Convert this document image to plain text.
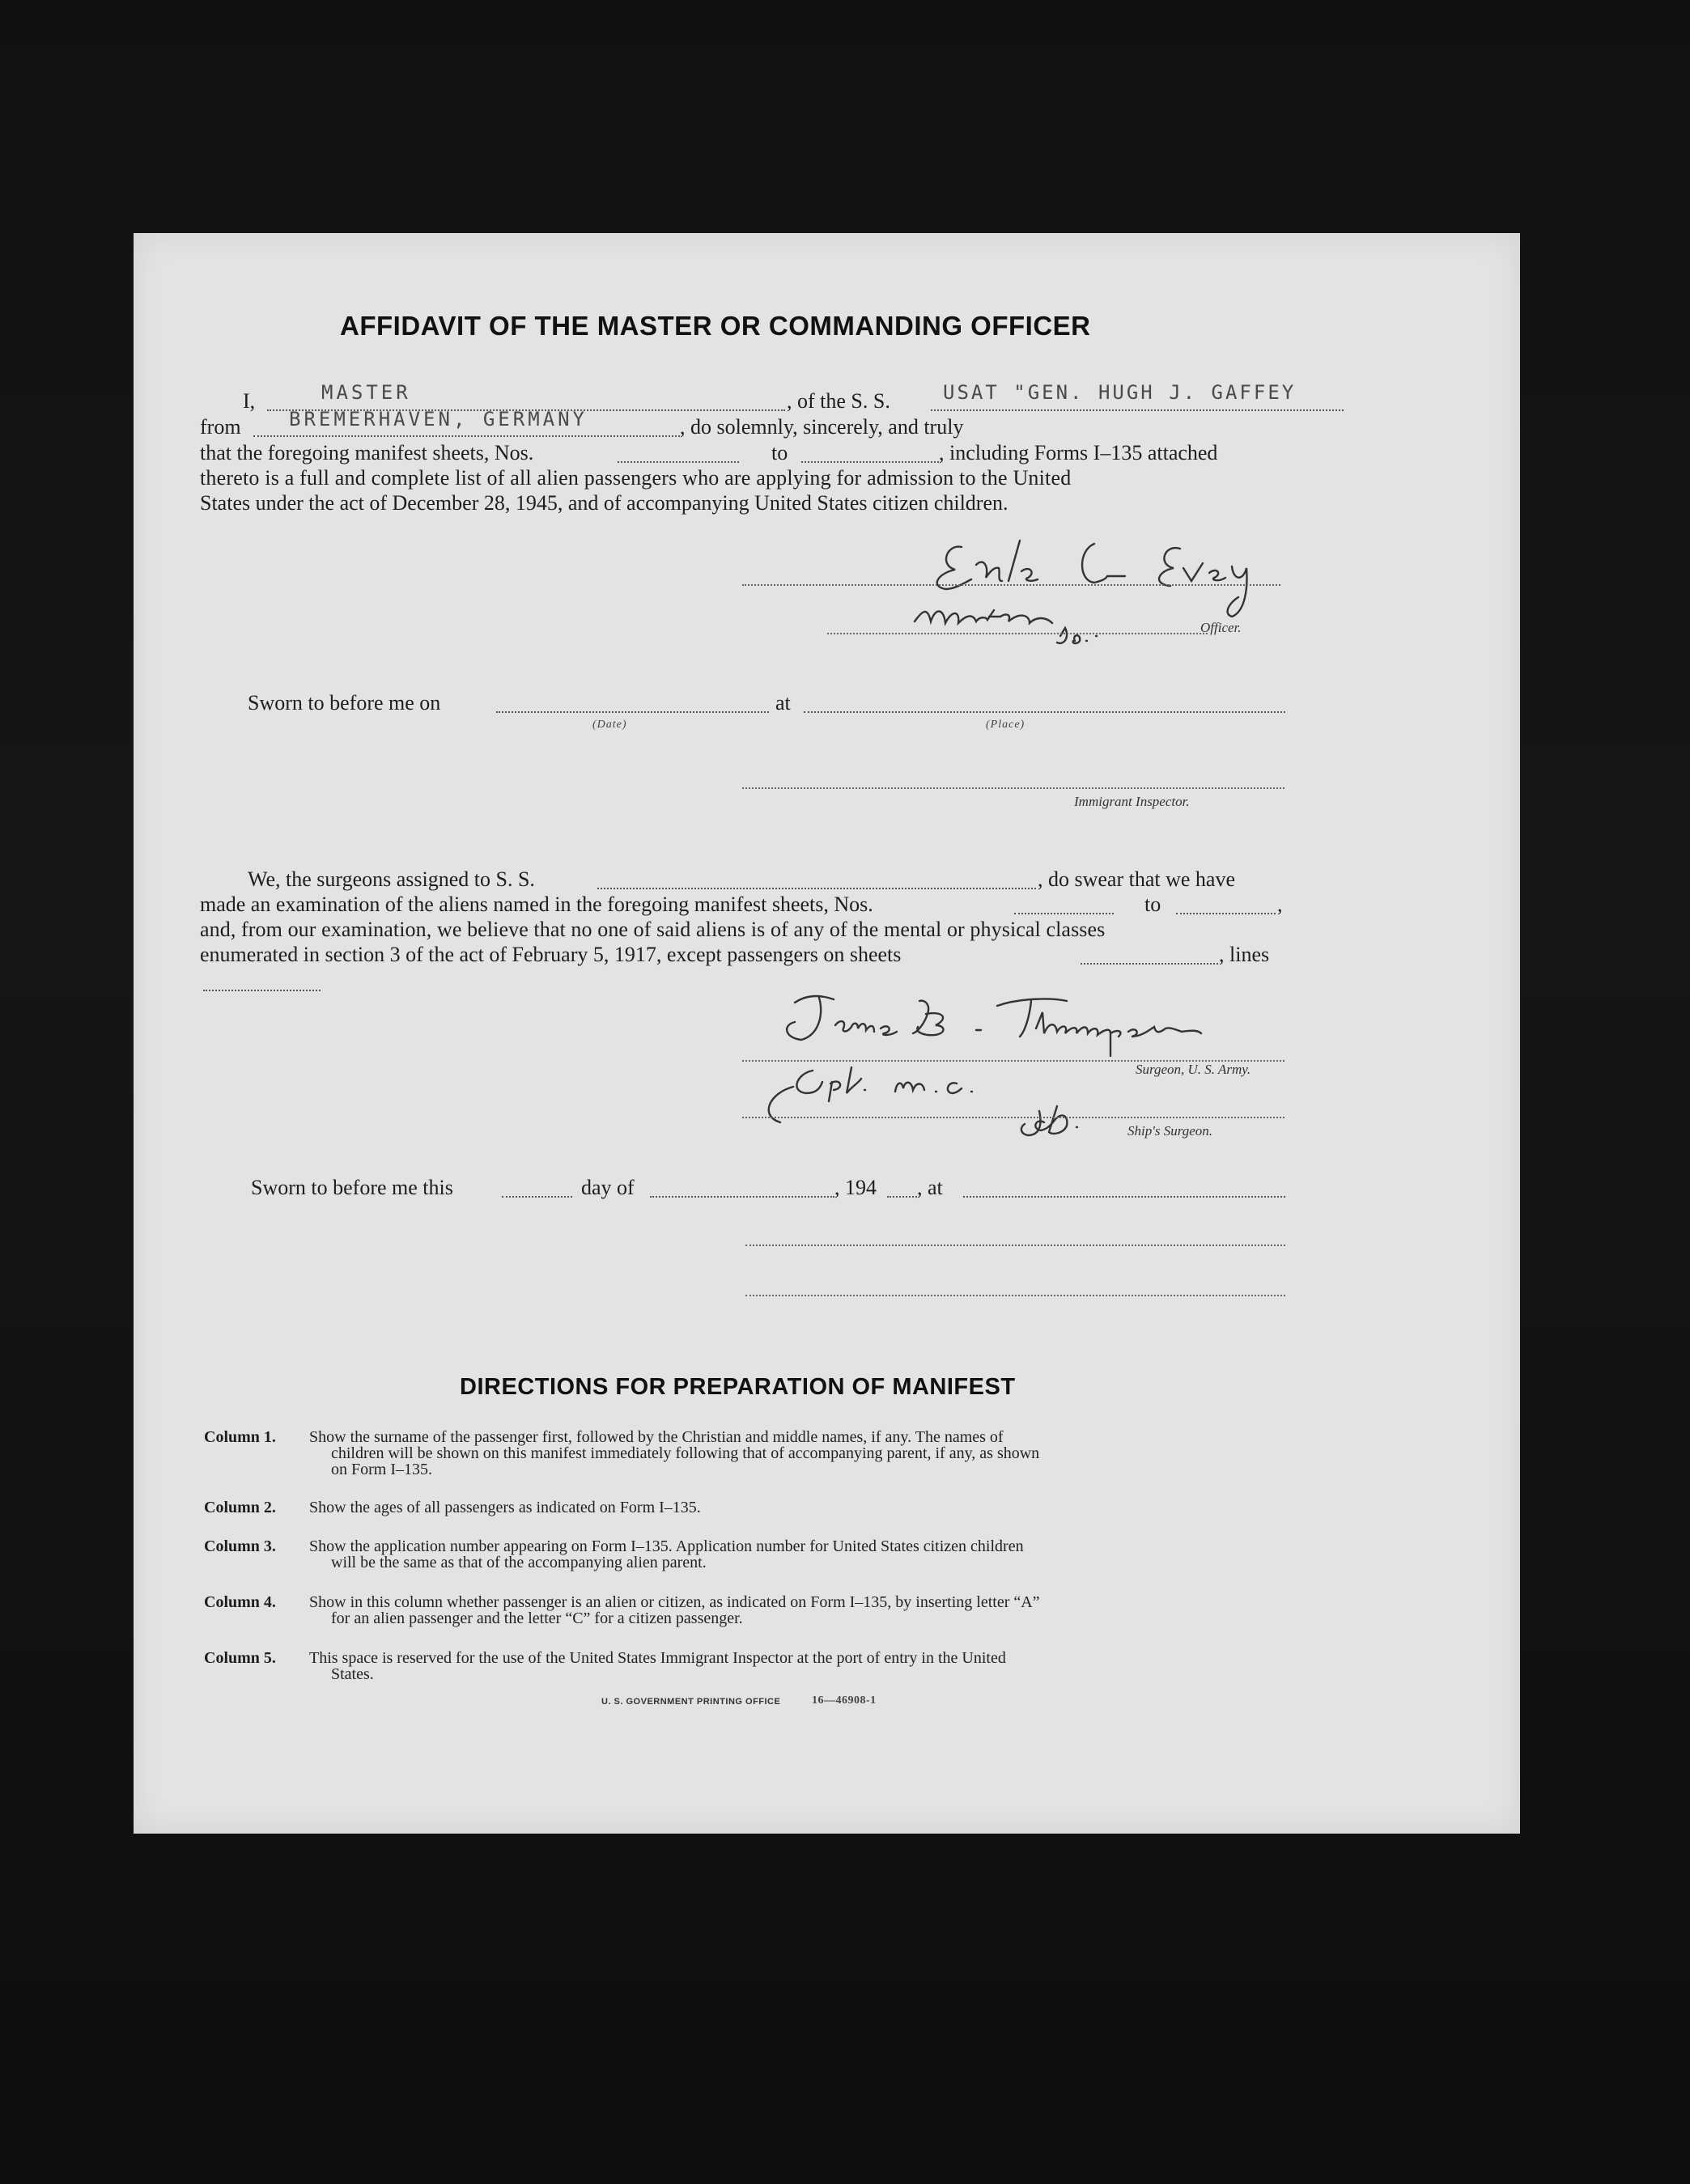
AFFIDAVIT OF THE MASTER OR COMMANDING OFFICER
I,	MASTER	, of the S. S.	USAT "GEN. HUGH J. GAFFEY
from BREMERHAVEN, GERMANY	, do solemnly, sincerely, and truly
that the foregoing manifest sheets, Nos.	to	, including Forms I–135 attached
thereto is a full and complete list of all alien passengers who are applying for admission to the United
States under the act of December 28, 1945, and of accompanying United States citizen children.
Officer.
Sworn to before me on
(Date)
at
(Place)
Immigrant Inspector.
We, the surgeons assigned to S. S.	, do swear that we have
made an examination of the aliens named in the foregoing manifest sheets, Nos.	to	,
and, from our examination, we believe that no one of said aliens is of any of the mental or physical classes
enumerated in section 3 of the act of February 5, 1917, except passengers on sheets	, lines
Surgeon, U. S. Army.
Ship's Surgeon.
Sworn to before me this	day of	, 194 , at
DIRECTIONS FOR PREPARATION OF MANIFEST
Column 1. Show the surname of the passenger first, followed by the Christian and middle names, if any. The names of
children will be shown on this manifest immediately following that of accompanying parent, if any, as shown
on Form I–135.
Column 2. Show the ages of all passengers as indicated on Form I–135.
Column 3. Show the application number appearing on Form I–135. Application number for United States citizen children
will be the same as that of the accompanying alien parent.
Column 4. Show in this column whether passenger is an alien or citizen, as indicated on Form I–135, by inserting letter “A”
for an alien passenger and the letter “C” for a citizen passenger.
Column 5. This space is reserved for the use of the United States Immigrant Inspector at the port of entry in the United
States.
U. S. GOVERNMENT PRINTING OFFICE	16—46908-1
